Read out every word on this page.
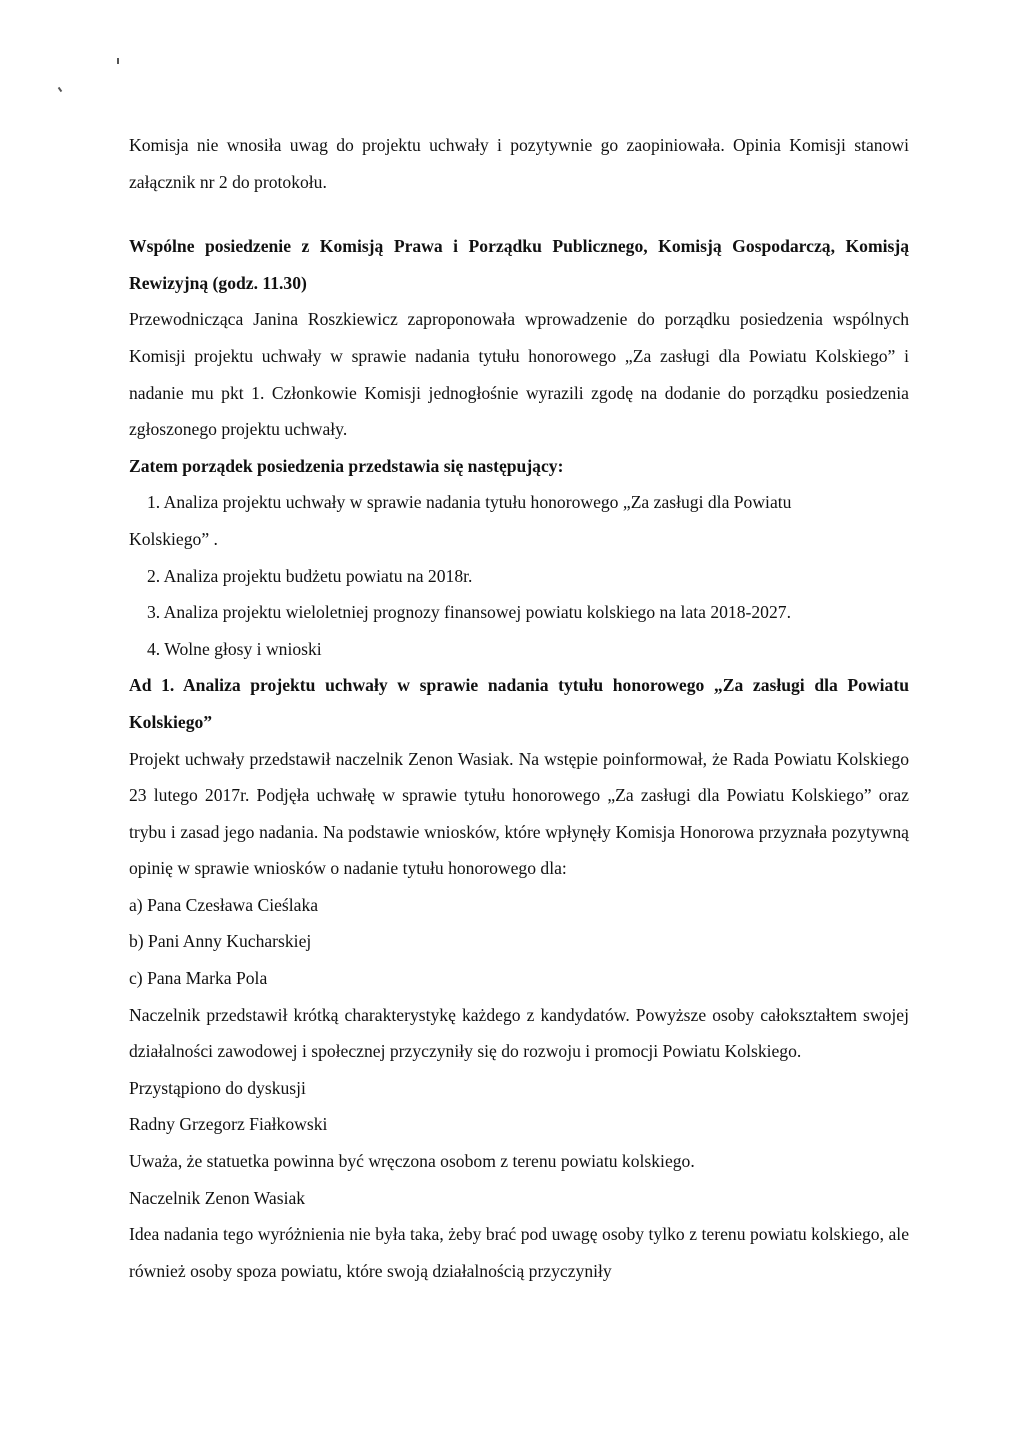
Komisja nie wnosiła uwag do projektu uchwały i pozytywnie go zaopiniowała. Opinia Komisji stanowi załącznik nr 2 do protokołu.

Wspólne posiedzenie z Komisją Prawa i Porządku Publicznego, Komisją Gospodarczą, Komisją Rewizyjną (godz. 11.30)

Przewodnicząca Janina Roszkiewicz zaproponowała wprowadzenie do porządku posiedzenia wspólnych Komisji projektu uchwały w sprawie nadania tytułu honorowego „Za zasługi dla Powiatu Kolskiego” i nadanie mu pkt 1. Członkowie Komisji jednogłośnie wyrazili zgodę na dodanie do porządku posiedzenia zgłoszonego projektu uchwały.

Zatem porządek posiedzenia przedstawia się następujący:

1. Analiza projektu uchwały w sprawie nadania tytułu honorowego „Za zasługi dla Powiatu

Kolskiego” .

2. Analiza projektu budżetu powiatu na 2018r.

3. Analiza projektu wieloletniej prognozy finansowej powiatu kolskiego na lata 2018-2027.

4. Wolne głosy i wnioski

Ad 1. Analiza projektu uchwały w sprawie nadania tytułu honorowego „Za zasługi dla Powiatu Kolskiego”

Projekt uchwały przedstawił naczelnik Zenon Wasiak. Na wstępie poinformował, że Rada Powiatu Kolskiego 23 lutego 2017r. Podjęła uchwałę w sprawie tytułu honorowego „Za zasługi dla Powiatu Kolskiego” oraz trybu i zasad jego nadania. Na podstawie wniosków, które wpłynęły Komisja Honorowa przyznała pozytywną opinię w sprawie wniosków o nadanie tytułu honorowego dla:

a) Pana Czesława Cieślaka

b) Pani Anny Kucharskiej

c) Pana Marka Pola

Naczelnik przedstawił krótką charakterystykę każdego z kandydatów. Powyższe osoby całokształtem swojej działalności zawodowej i społecznej przyczyniły się do rozwoju i promocji Powiatu Kolskiego.

Przystąpiono do dyskusji

Radny Grzegorz Fiałkowski

Uważa, że statuetka powinna być wręczona osobom z terenu powiatu kolskiego.

Naczelnik Zenon Wasiak

Idea nadania tego wyróżnienia nie była taka, żeby brać pod uwagę osoby tylko z terenu powiatu kolskiego, ale również osoby spoza powiatu, które swoją działalnością przyczyniły
